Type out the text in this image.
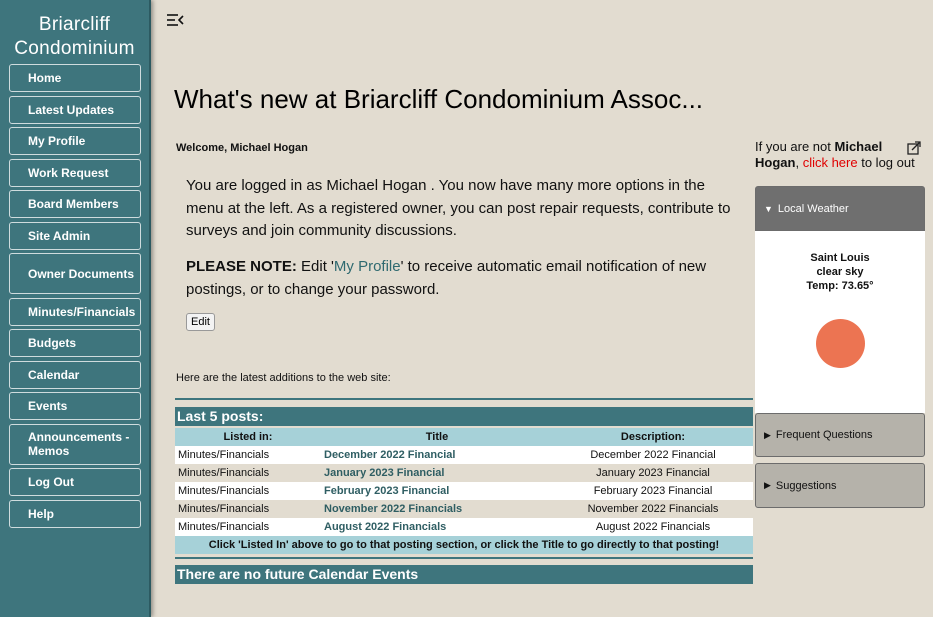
Briarcliff
Condominium
Home
Latest Updates
My Profile
Work Request
Board Members
Site Admin
Owner Documents
Minutes/Financials
Budgets
Calendar
Events
Announcements - Memos
Log Out
Help
What's new at Briarcliff Condominium Assoc...
Welcome, Michael Hogan
You are logged in as Michael Hogan . You now have many more options in the menu at the left. As a registered owner, you can post repair requests, contribute to surveys and join community discussions.
PLEASE NOTE: Edit 'My Profile' to receive automatic email notification of new postings, or to change your password.
Edit
Here are the latest additions to the web site:
Last 5 posts:
Listed in:	Title	Description:
Minutes/Financials	December 2022 Financial	December 2022 Financial
Minutes/Financials	January 2023 Financial	January 2023 Financial
Minutes/Financials	February 2023 Financial	February 2023 Financial
Minutes/Financials	November 2022 Financials	November 2022 Financials
Minutes/Financials	August 2022 Financials	August 2022 Financials
Click 'Listed In' above to go to that posting section, or click the Title to go directly to that posting!		
There are no future Calendar Events
If you are not Michael Hogan, click here to log out
▼ Local Weather
Saint Louis
clear sky
Temp: 73.65°
▶ Frequent Questions
▶ Suggestions
